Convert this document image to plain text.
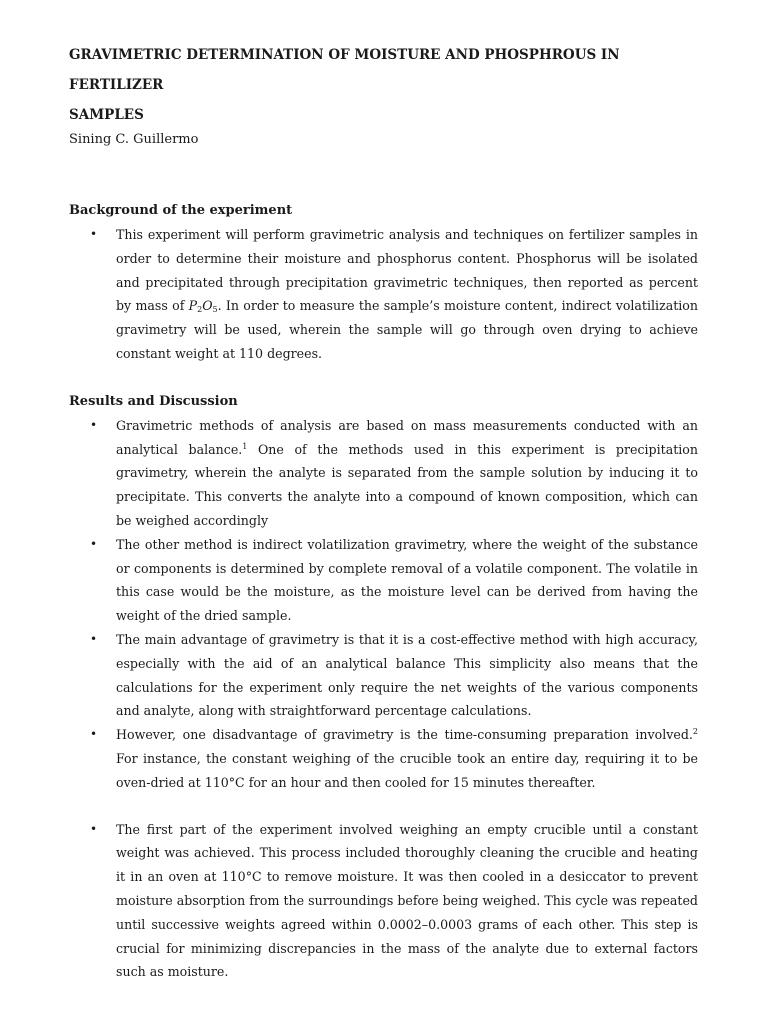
GRAVIMETRIC DETERMINATION OF MOISTURE AND PHOSPHROUS IN FERTILIZER
SAMPLES

Sining C. Guillermo

Background of the experiment
• This experiment will perform gravimetric analysis and techniques on fertilizer samples in order to determine their moisture and phosphorus content. Phosphorus will be isolated and precipitated through precipitation gravimetric techniques, then reported as percent by mass of $P_2O_5$. In order to measure the sample’s moisture content, indirect volatilization gravimetry will be used, wherein the sample will go through oven drying to achieve constant weight at 110 degrees.
Results and Discussion
• Gravimetric methods of analysis are based on mass measurements conducted with an analytical balance.$^1$ One of the methods used in this experiment is precipitation gravimetry, wherein the analyte is separated from the sample solution by inducing it to precipitate. This converts the analyte into a compound of known composition, which can be weighed accordingly
• The other method is indirect volatilization gravimetry, where the weight of the substance or components is determined by complete removal of a volatile component. The volatile in this case would be the moisture, as the moisture level can be derived from having the weight of the dried sample.
• The main advantage of gravimetry is that it is a cost-effective method with high accuracy, especially with the aid of an analytical balance This simplicity also means that the calculations for the experiment only require the net weights of the various components and analyte, along with straightforward percentage calculations.
• However, one disadvantage of gravimetry is the time-consuming preparation involved.$^2$ For instance, the constant weighing of the crucible took an entire day, requiring it to be oven-dried at 110°C for an hour and then cooled for 15 minutes thereafter.
• The first part of the experiment involved weighing an empty crucible until a constant weight was achieved. This process included thoroughly cleaning the crucible and heating it in an oven at 110°C to remove moisture. It was then cooled in a desiccator to prevent moisture absorption from the surroundings before being weighed. This cycle was repeated until successive weights agreed within 0.0002–0.0003 grams of each other. This step is crucial for minimizing discrepancies in the mass of the analyte due to external factors such as moisture.
